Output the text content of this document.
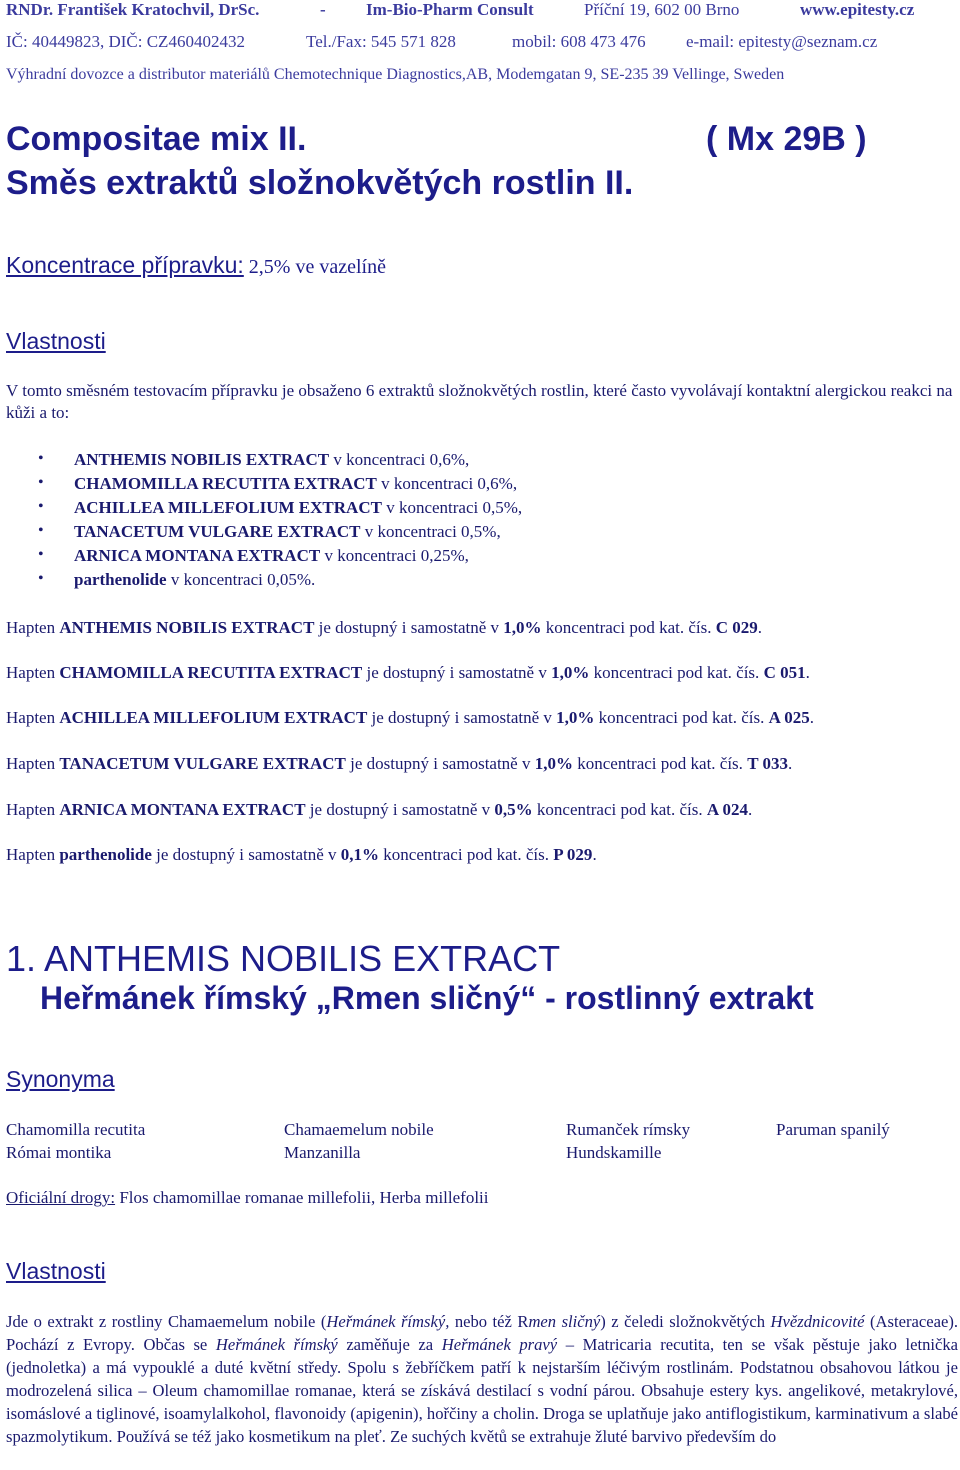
RNDr. František Kratochvil, DrSc.	- Im-Bio-Pharm Consult	Příční 19, 602 00 Brno	www.epitesty.cz
IČ: 40449823, DIČ: CZ460402432	Tel./Fax: 545 571 828	mobil: 608 473 476 e-mail: epitesty@seznam.cz
Výhradní dovozce a distributor materiálů Chemotechnique Diagnostics,AB, Modemgatan 9, SE-235 39 Vellinge, Sweden
Compositae mix II.	( Mx 29B )
Směs extraktů složnokvětých rostlin II.
Koncentrace přípravku: 2,5% ve vazelíně
Vlastnosti
V tomto směsném testovacím přípravku je obsaženo 6 extraktů složnokvětých rostlin, které často vyvolávají kontaktní alergickou reakci na kůži a to:
• ANTHEMIS NOBILIS EXTRACT v koncentraci 0,6%,
• CHAMOMILLA RECUTITA EXTRACT v koncentraci 0,6%,
• ACHILLEA MILLEFOLIUM EXTRACT v koncentraci 0,5%,
• TANACETUM VULGARE EXTRACT v koncentraci 0,5%,
• ARNICA MONTANA EXTRACT v koncentraci 0,25%,
• parthenolide v koncentraci 0,05%.
Hapten ANTHEMIS NOBILIS EXTRACT je dostupný i samostatně v 1,0% koncentraci pod kat. čís. C 029.
Hapten CHAMOMILLA RECUTITA EXTRACT je dostupný i samostatně v 1,0% koncentraci pod kat. čís. C 051.
Hapten ACHILLEA MILLEFOLIUM EXTRACT je dostupný i samostatně v 1,0% koncentraci pod kat. čís. A 025.
Hapten TANACETUM VULGARE EXTRACT je dostupný i samostatně v 1,0% koncentraci pod kat. čís. T 033.
Hapten ARNICA MONTANA EXTRACT je dostupný i samostatně v 0,5% koncentraci pod kat. čís. A 024.
Hapten parthenolide je dostupný i samostatně v 0,1% koncentraci pod kat. čís. P 029.
1. ANTHEMIS NOBILIS EXTRACT
Heřmánek římský „Rmen sličný“ - rostlinný extrakt
Synonyma
Chamomilla recutita	Chamaemelum nobile	Rumanček rímsky	Paruman spanilý
Római montika	Manzanilla	Hundskamille
Oficiální drogy: Flos chamomillae romanae millefolii, Herba millefolii
Vlastnosti
Jde o extrakt z rostliny Chamaemelum nobile (Heřmánek římský, nebo též Rmen sličný) z čeledi složnokvětých Hvězdnicovité (Asteraceae). Pochází z Evropy. Občas se Heřmánek římský zaměňuje za Heřmánek pravý – Matricaria recutita, ten se však pěstuje jako letnička (jednoletka) a má vypouklé a duté květní středy. Spolu s žebříčkem patří k nejstarším léčivým rostlinám. Podstatnou obsahovou látkou je modrozelená silica – Oleum chamomillae romanae, která se získává destilací s vodní párou. Obsahuje estery kys. angelikové, metakrylové, isomáslové a tiglinové, isoamylalkohol, flavonoidy (apigenin), hořčiny a cholin. Droga se uplatňuje jako antiflogistikum, karminativum a slabé spazmolytikum. Používá se též jako kosmetikum na pleť. Ze suchých květů se extrahuje žluté barvivo především do
